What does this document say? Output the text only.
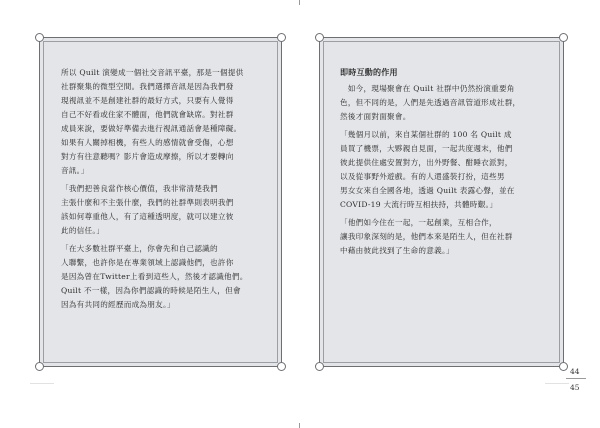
所以 Quilt 演變成一個社交音訊平臺，那是一個提供
社群聚集的微型空間。我們選擇音訊是因為我們發
現視訊並不是創建社群的最好方式，只要有人覺得
自己不好看或住家不體面，他們就會缺席。對社群
成員來說，要做好準備去進行視訊通話會是種障礙。
如果有人關掉相機，有些人的感情就會受傷，心想
對方有往意聽嗎？影片會造成摩擦，所以才要轉向
音訊。」
「我們把善良當作核心價值，我非常清楚我們
主張什麼和不主張什麼，我們的社群準則表明我們
該如何尊重他人，有了這種透明度，就可以建立彼
此的信任。」
「在大多數社群平臺上，你會先和自己認識的
人聯繫，也許你是在專業領域上認識他們，也許你
是因為曾在Twitter上看到這些人，然後才認識他們。
Quilt 不一樣，因為你們認識的時候是陌生人，但會
因為有共同的經歷而成為朋友。」
即時互動的作用
　如今，現場聚會在 Quilt 社群中仍然扮演重要角
色，但不同的是，人們是先透過音訊管道形成社群，
然後才面對面聚會。
「幾個月以前，來自某個社群的 100 名 Quilt 成
員買了機票，大夥親自見面，一起共度週末，他們
彼此提供住處安置對方，出外野餐、酣睡衣派對，
以及從事野外遊戲。有的人還盛裝打扮，這些男
男女女來自全國各地，透過 Quilt 表露心聲，並在
COVID-19 大流行時互相扶持，共體時艱。」
「他們如今住在一起，一起創業，互相合作，
讓我印象深刻的是，他們本來是陌生人，但在社群
中藉由彼此找到了生命的意義。」
44
45
